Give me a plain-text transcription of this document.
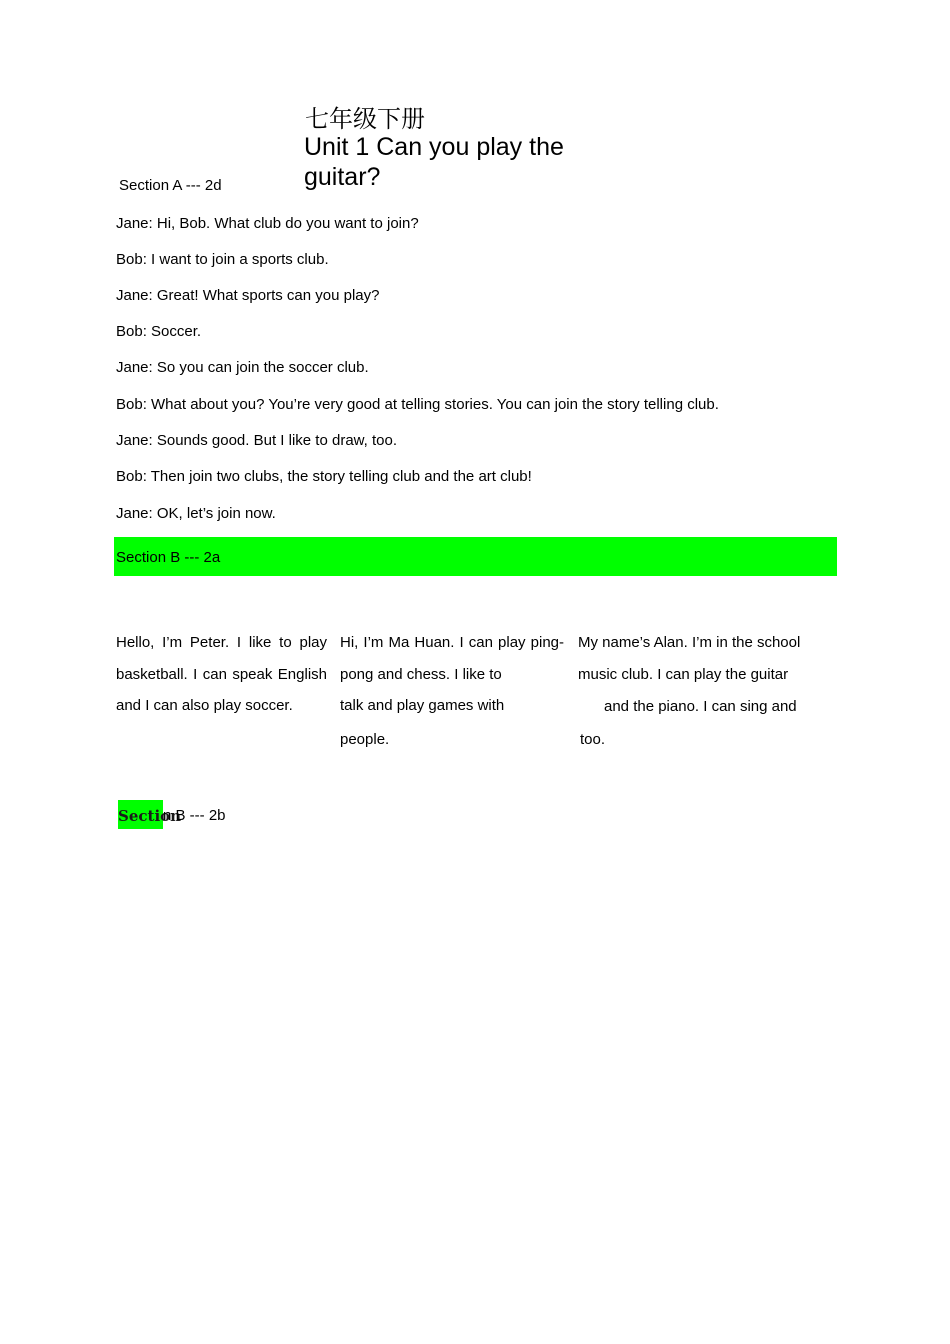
七年级下册
Unit 1 Can you play the guitar?
Section A --- 2d
Jane: Hi, Bob. What club do you want to join?
Bob: I want to join a sports club.
Jane: Great! What sports can you play?
Bob: Soccer.
Jane: So you can join the soccer club.
Bob: What about you? You’re very good at telling stories. You can join the story telling club.
Jane: Sounds good. But I like to draw, too.
Bob: Then join two clubs, the story telling club and the art club!
Jane: OK, let’s join now.
Section B --- 2a
Hello, I’m Peter. I like to play basketball. I can speak English and I can also play soccer.
Hi, I’m Ma Huan. I can play ping-pong and chess. I like to
talk and play games with
people.
My name’s Alan. I’m in the school
music club. I can play the guitar
and the piano. I can sing and
too.
Section
n B --- 2b
